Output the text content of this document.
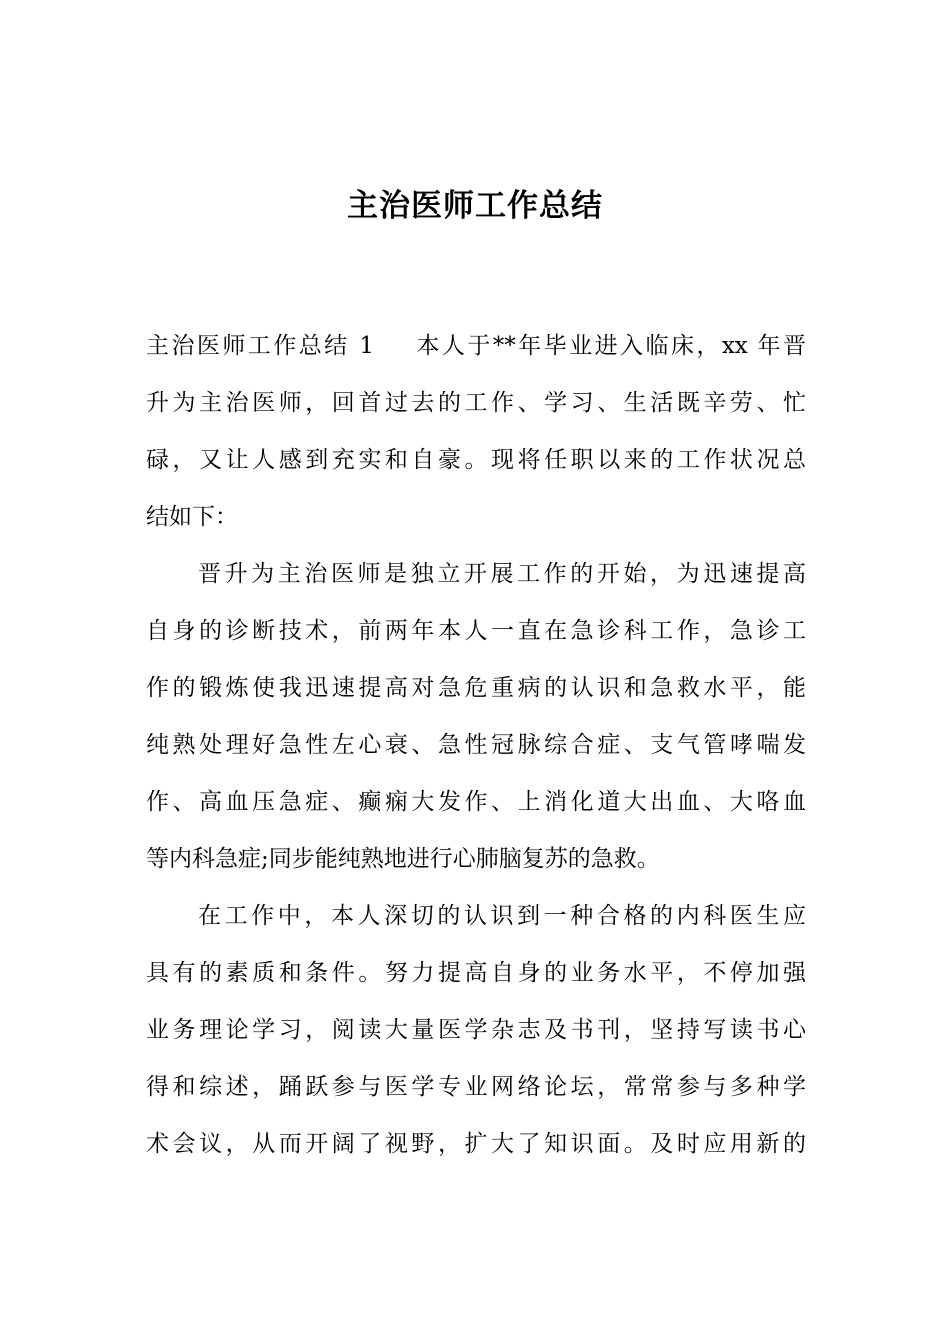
主治医师工作总结
主治医师工作总结 1 本人于**年毕业进入临床，xx 年晋
升为主治医师，回首过去的工作、学习、生活既辛劳、忙
碌，又让人感到充实和自豪。现将任职以来的工作状况总
结如下：
晋升为主治医师是独立开展工作的开始，为迅速提高
自身的诊断技术，前两年本人一直在急诊科工作，急诊工
作的锻炼使我迅速提高对急危重病的认识和急救水平，能
纯熟处理好急性左心衰、急性冠脉综合症、支气管哮喘发
作、高血压急症、癫痫大发作、上消化道大出血、大咯血
等内科急症;同步能纯熟地进行心肺脑复苏的急救。
在工作中，本人深切的认识到一种合格的内科医生应
具有的素质和条件。努力提高自身的业务水平，不停加强
业务理论学习，阅读大量医学杂志及书刊，坚持写读书心
得和综述，踊跃参与医学专业网络论坛，常常参与多种学
术会议，从而开阔了视野，扩大了知识面。及时应用新的
